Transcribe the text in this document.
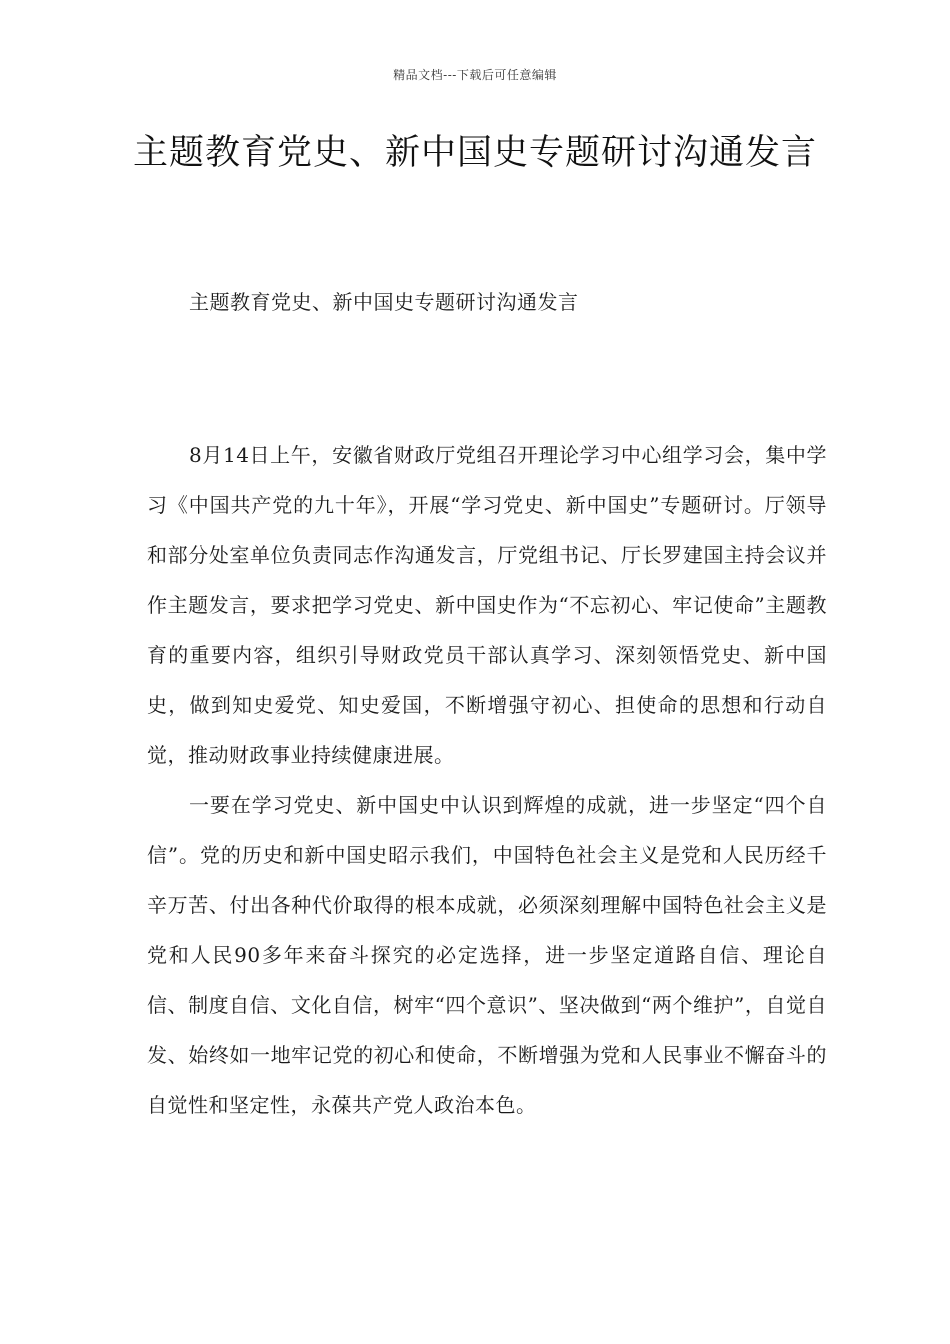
精品文档---下载后可任意编辑
主题教育党史、新中国史专题研讨沟通发言
主题教育党史、新中国史专题研讨沟通发言

8月14日上午，安徽省财政厅党组召开理论学习中心组学习会，集中学习《中国共产党的九十年》，开展“学习党史、新中国史”专题研讨。厅领导和部分处室单位负责同志作沟通发言，厅党组书记、厅长罗建国主持会议并作主题发言，要求把学习党史、新中国史作为“不忘初心、牢记使命”主题教育的重要内容，组织引导财政党员干部认真学习、深刻领悟党史、新中国史，做到知史爱党、知史爱国，不断增强守初心、担使命的思想和行动自觉，推动财政事业持续健康进展。

一要在学习党史、新中国史中认识到辉煌的成就，进一步坚定“四个自信”。党的历史和新中国史昭示我们，中国特色社会主义是党和人民历经千辛万苦、付出各种代价取得的根本成就，必须深刻理解中国特色社会主义是党和人民90多年来奋斗探究的必定选择，进一步坚定道路自信、理论自信、制度自信、文化自信，树牢“四个意识”、坚决做到“两个维护”，自觉自发、始终如一地牢记党的初心和使命，不断增强为党和人民事业不懈奋斗的自觉性和坚定性，永葆共产党人政治本色。
